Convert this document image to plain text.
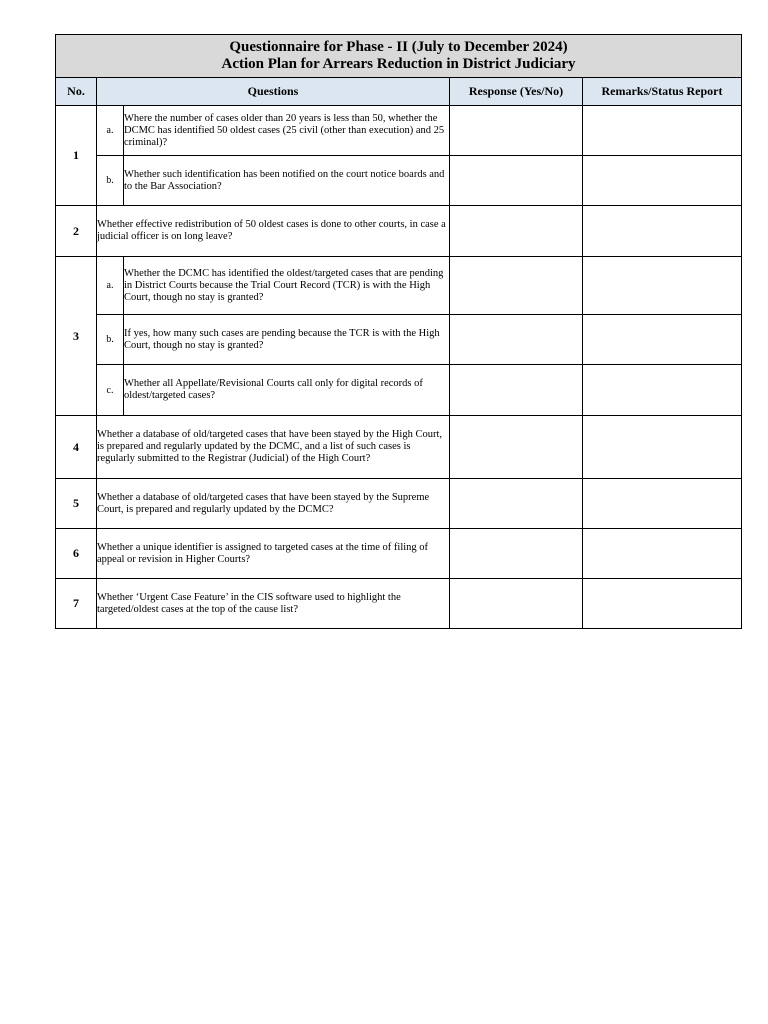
Questionnaire for Phase - II (July to December 2024)
Action Plan for Arrears Reduction in District Judiciary				

No.	Questions		Response (Yes/No)	Remarks/Status Report
1	a.	Where the number of cases older than 20 years is less than 50, whether the DCMC has identified 50 oldest cases (25 civil (other than execution) and 25 criminal)?		
	b.	Whether such identification has been notified on the court notice boards and to the Bar Association?		
2	Whether effective redistribution of 50 oldest cases is done to other courts, in case a judicial officer is on long leave?			
3	a.	Whether the DCMC has identified the oldest/targeted cases that are pending in District Courts because the Trial Court Record (TCR) is with the High Court, though no stay is granted?		
	b.	If yes, how many such cases are pending because the TCR is with the High Court, though no stay is granted?		
	c.	Whether all Appellate/Revisional Courts call only for digital records of oldest/targeted cases?		
4	Whether a database of old/targeted cases that have been stayed by the High Court, is prepared and regularly updated by the DCMC, and a list of such cases is regularly submitted to the Registrar (Judicial) of the High Court?			
5	Whether a database of old/targeted cases that have been stayed by the Supreme Court, is prepared and regularly updated by the DCMC?			
6	Whether a unique identifier is assigned to targeted cases at the time of filing of appeal or revision in Higher Courts?			
7	Whether ‘Urgent Case Feature’ in the CIS software used to highlight the targeted/oldest cases at the top of the cause list?			
